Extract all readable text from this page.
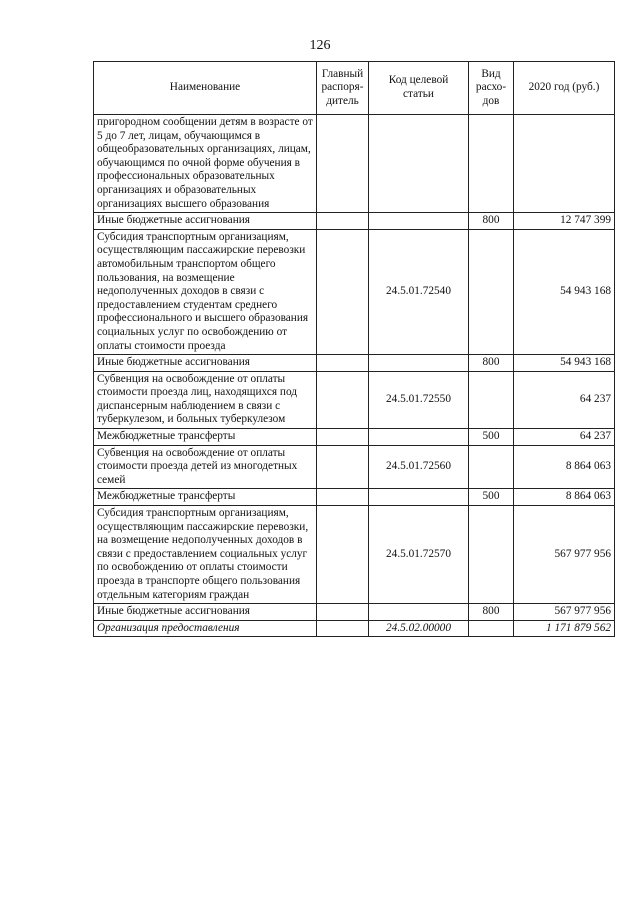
126
Наименование	Главный распоря- дитель	Код целевой статьи	Вид расхо- дов	2020 год (руб.)
пригородном сообщении детям в возрасте от 5 до 7 лет, лицам, обучающимся в общеобразовательных организациях, лицам, обучающимся по очной форме обучения в профессиональных образовательных организациях и образовательных организациях высшего образования				
Иные бюджетные ассигнования			800	12 747 399
Субсидия транспортным организациям, осуществляющим пассажирские перевозки автомобильным транспортом общего пользования, на возмещение недополученных доходов в связи с предоставлением студентам среднего профессионального и высшего образования социальных услуг по освобождению от оплаты стоимости проезда		24.5.01.72540		54 943 168
Иные бюджетные ассигнования			800	54 943 168
Субвенция на освобождение от оплаты стоимости проезда лиц, находящихся под диспансерным наблюдением в связи с туберкулезом, и больных туберкулезом		24.5.01.72550		64 237
Межбюджетные трансферты			500	64 237
Субвенция на освобождение от оплаты стоимости проезда детей из многодетных семей		24.5.01.72560		8 864 063
Межбюджетные трансферты			500	8 864 063
Субсидия транспортным организациям, осуществляющим пассажирские перевозки, на возмещение недополученных доходов в связи с предоставлением социальных услуг по освобождению от оплаты стоимости проезда в транспорте общего пользования отдельным категориям граждан		24.5.01.72570		567 977 956
Иные бюджетные ассигнования			800	567 977 956
Организация предоставления		24.5.02.00000		1 171 879 562
